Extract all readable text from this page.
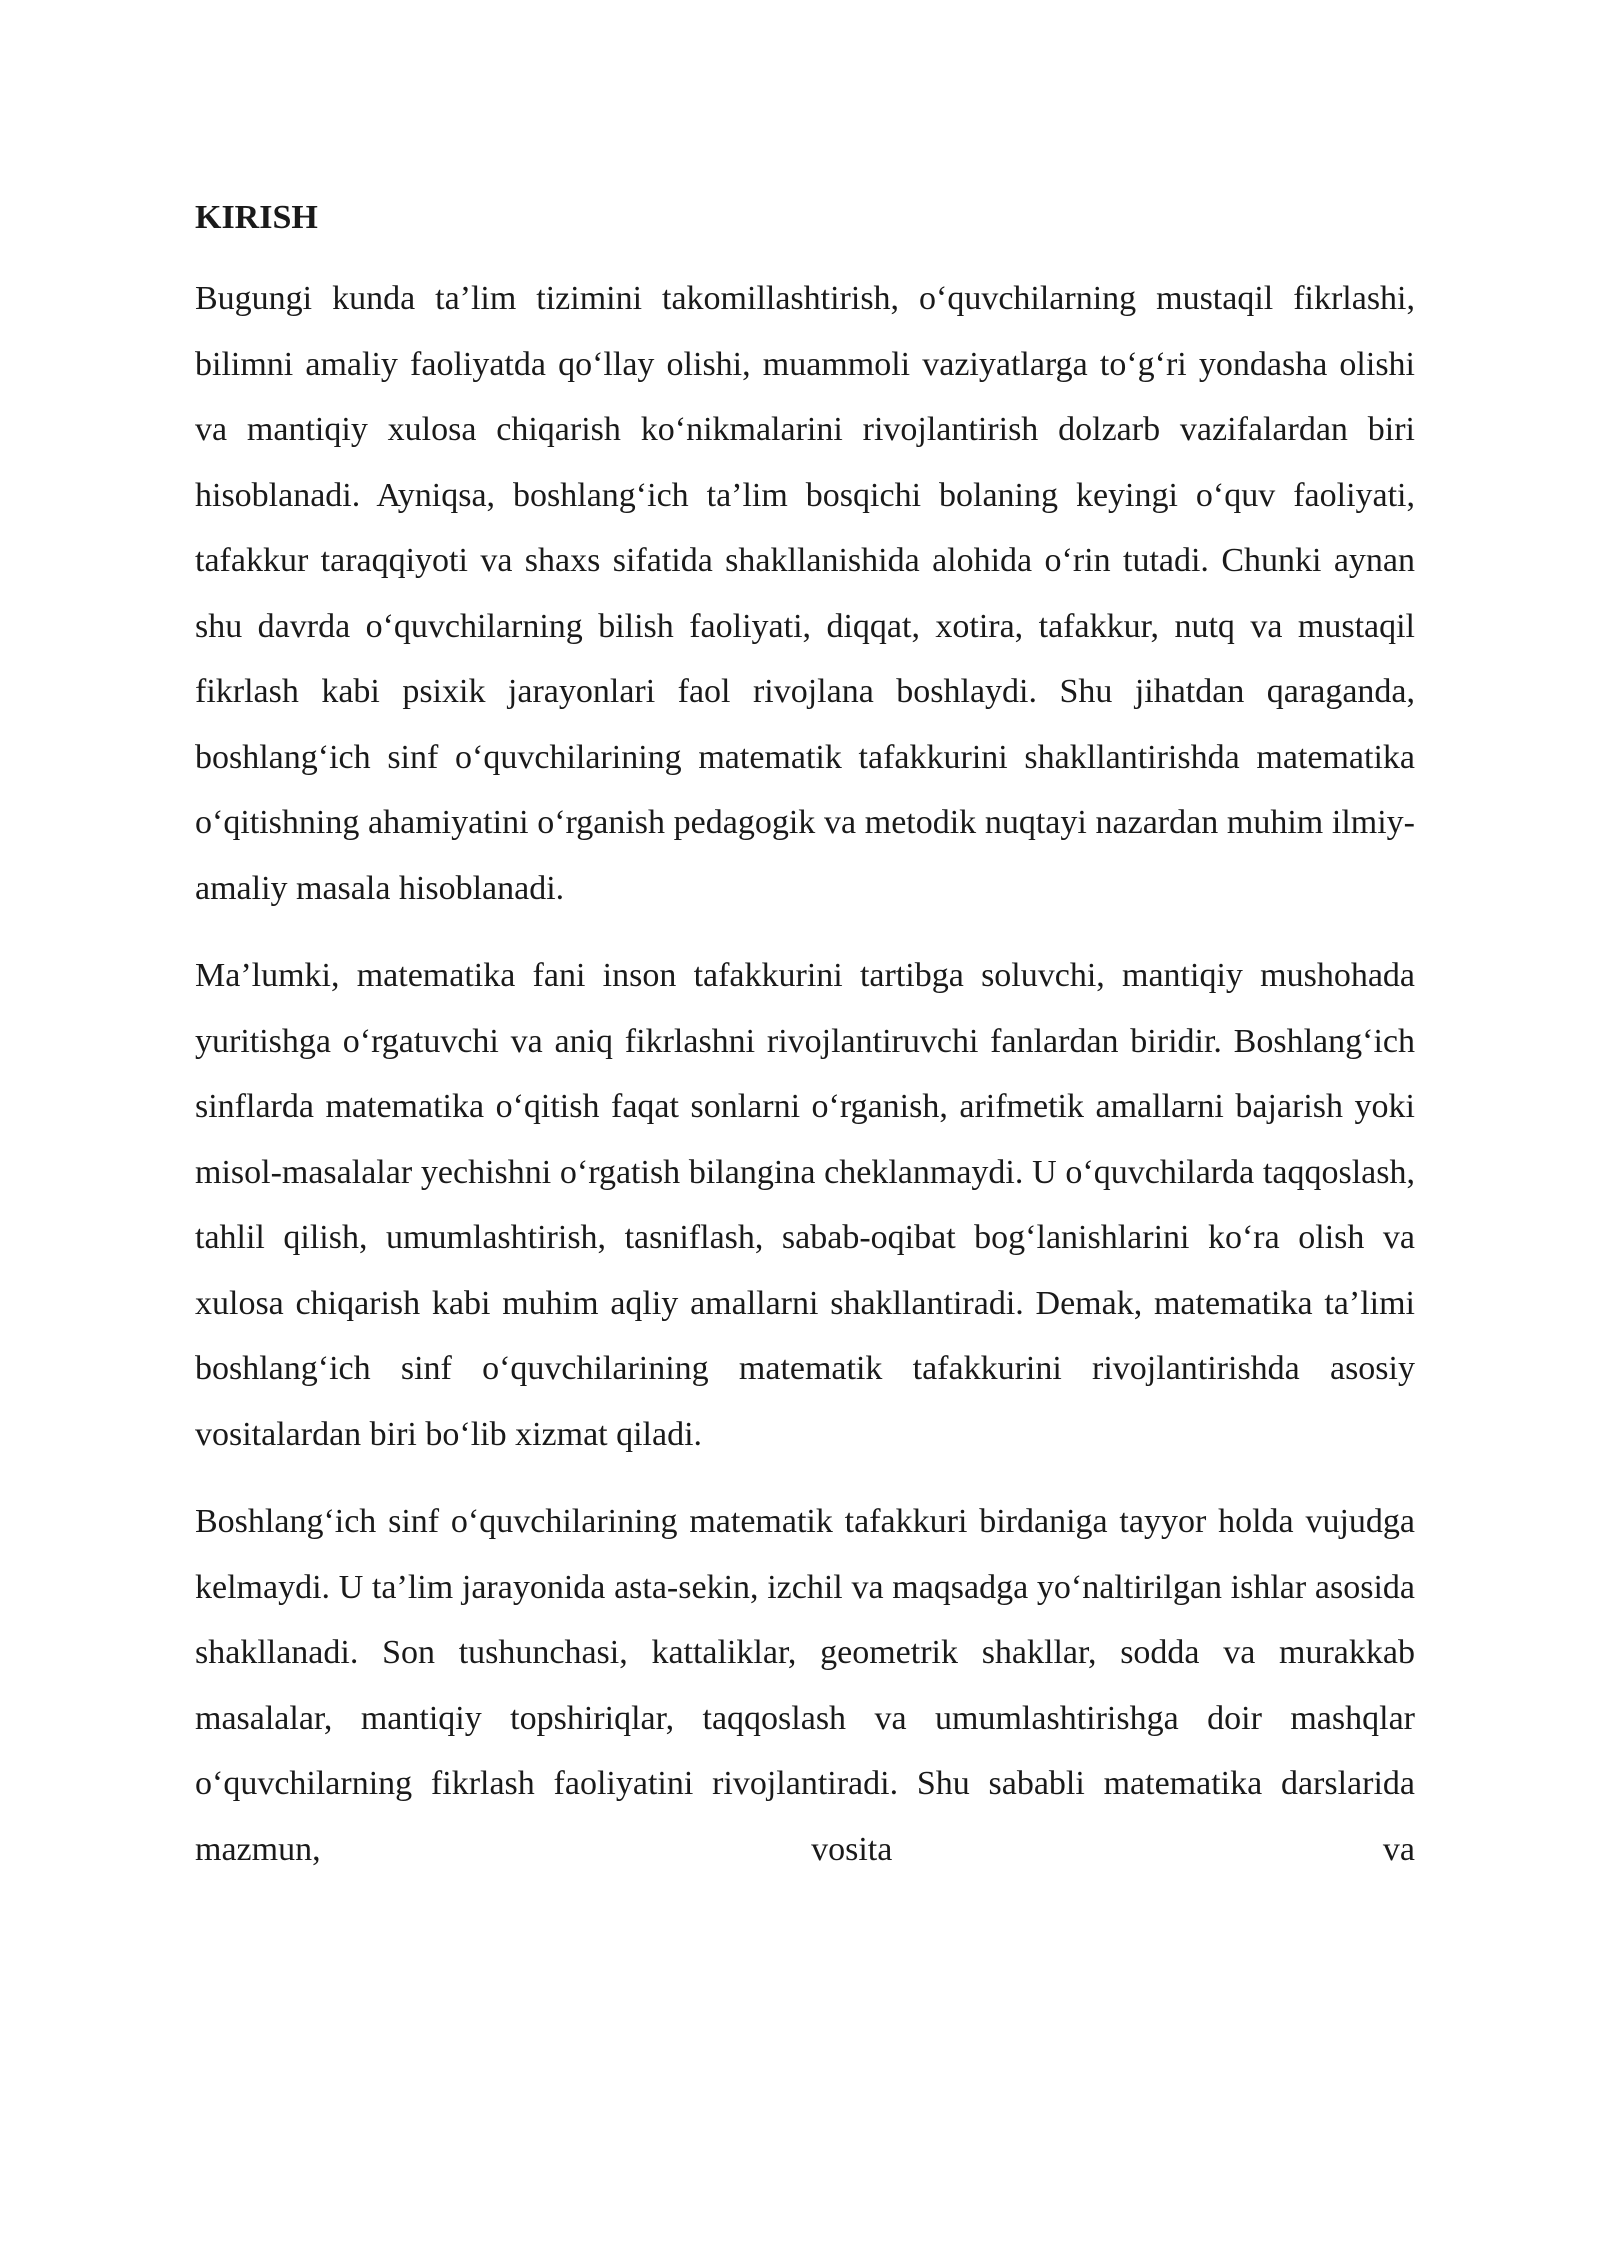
KIRISH

Bugungi kunda ta’lim tizimini takomillashtirish, o‘quvchilarning mustaqil fikrlashi, bilimni amaliy faoliyatda qo‘llay olishi, muammoli vaziyatlarga to‘g‘ri yondasha olishi va mantiqiy xulosa chiqarish ko‘nikmalarini rivojlantirish dolzarb vazifalardan biri hisoblanadi. Ayniqsa, boshlang‘ich ta’lim bosqichi bolaning keyingi o‘quv faoliyati, tafakkur taraqqiyoti va shaxs sifatida shakllanishida alohida o‘rin tutadi. Chunki aynan shu davrda o‘quvchilarning bilish faoliyati, diqqat, xotira, tafakkur, nutq va mustaqil fikrlash kabi psixik jarayonlari faol rivojlana boshlaydi. Shu jihatdan qaraganda, boshlang‘ich sinf o‘quvchilarining matematik tafakkurini shakllantirishda matematika o‘qitishning ahamiyatini o‘rganish pedagogik va metodik nuqtayi nazardan muhim ilmiy-amaliy masala hisoblanadi.

Ma’lumki, matematika fani inson tafakkurini tartibga soluvchi, mantiqiy mushohada yuritishga o‘rgatuvchi va aniq fikrlashni rivojlantiruvchi fanlardan biridir. Boshlang‘ich sinflarda matematika o‘qitish faqat sonlarni o‘rganish, arifmetik amallarni bajarish yoki misol-masalalar yechishni o‘rgatish bilangina cheklanmaydi. U o‘quvchilarda taqqoslash, tahlil qilish, umumlashtirish, tasniflash, sabab-oqibat bog‘lanishlarini ko‘ra olish va xulosa chiqarish kabi muhim aqliy amallarni shakllantiradi. Demak, matematika ta’limi boshlang‘ich sinf o‘quvchilarining matematik tafakkurini rivojlantirishda asosiy vositalardan biri bo‘lib xizmat qiladi.

Boshlang‘ich sinf o‘quvchilarining matematik tafakkuri birdaniga tayyor holda vujudga kelmaydi. U ta’lim jarayonida asta-sekin, izchil va maqsadga yo‘naltirilgan ishlar asosida shakllanadi. Son tushunchasi, kattaliklar, geometrik shakllar, sodda va murakkab masalalar, mantiqiy topshiriqlar, taqqoslash va umumlashtirishga doir mashqlar o‘quvchilarning fikrlash faoliyatini rivojlantiradi. Shu sababli matematika darslarida mazmun, vosita va
